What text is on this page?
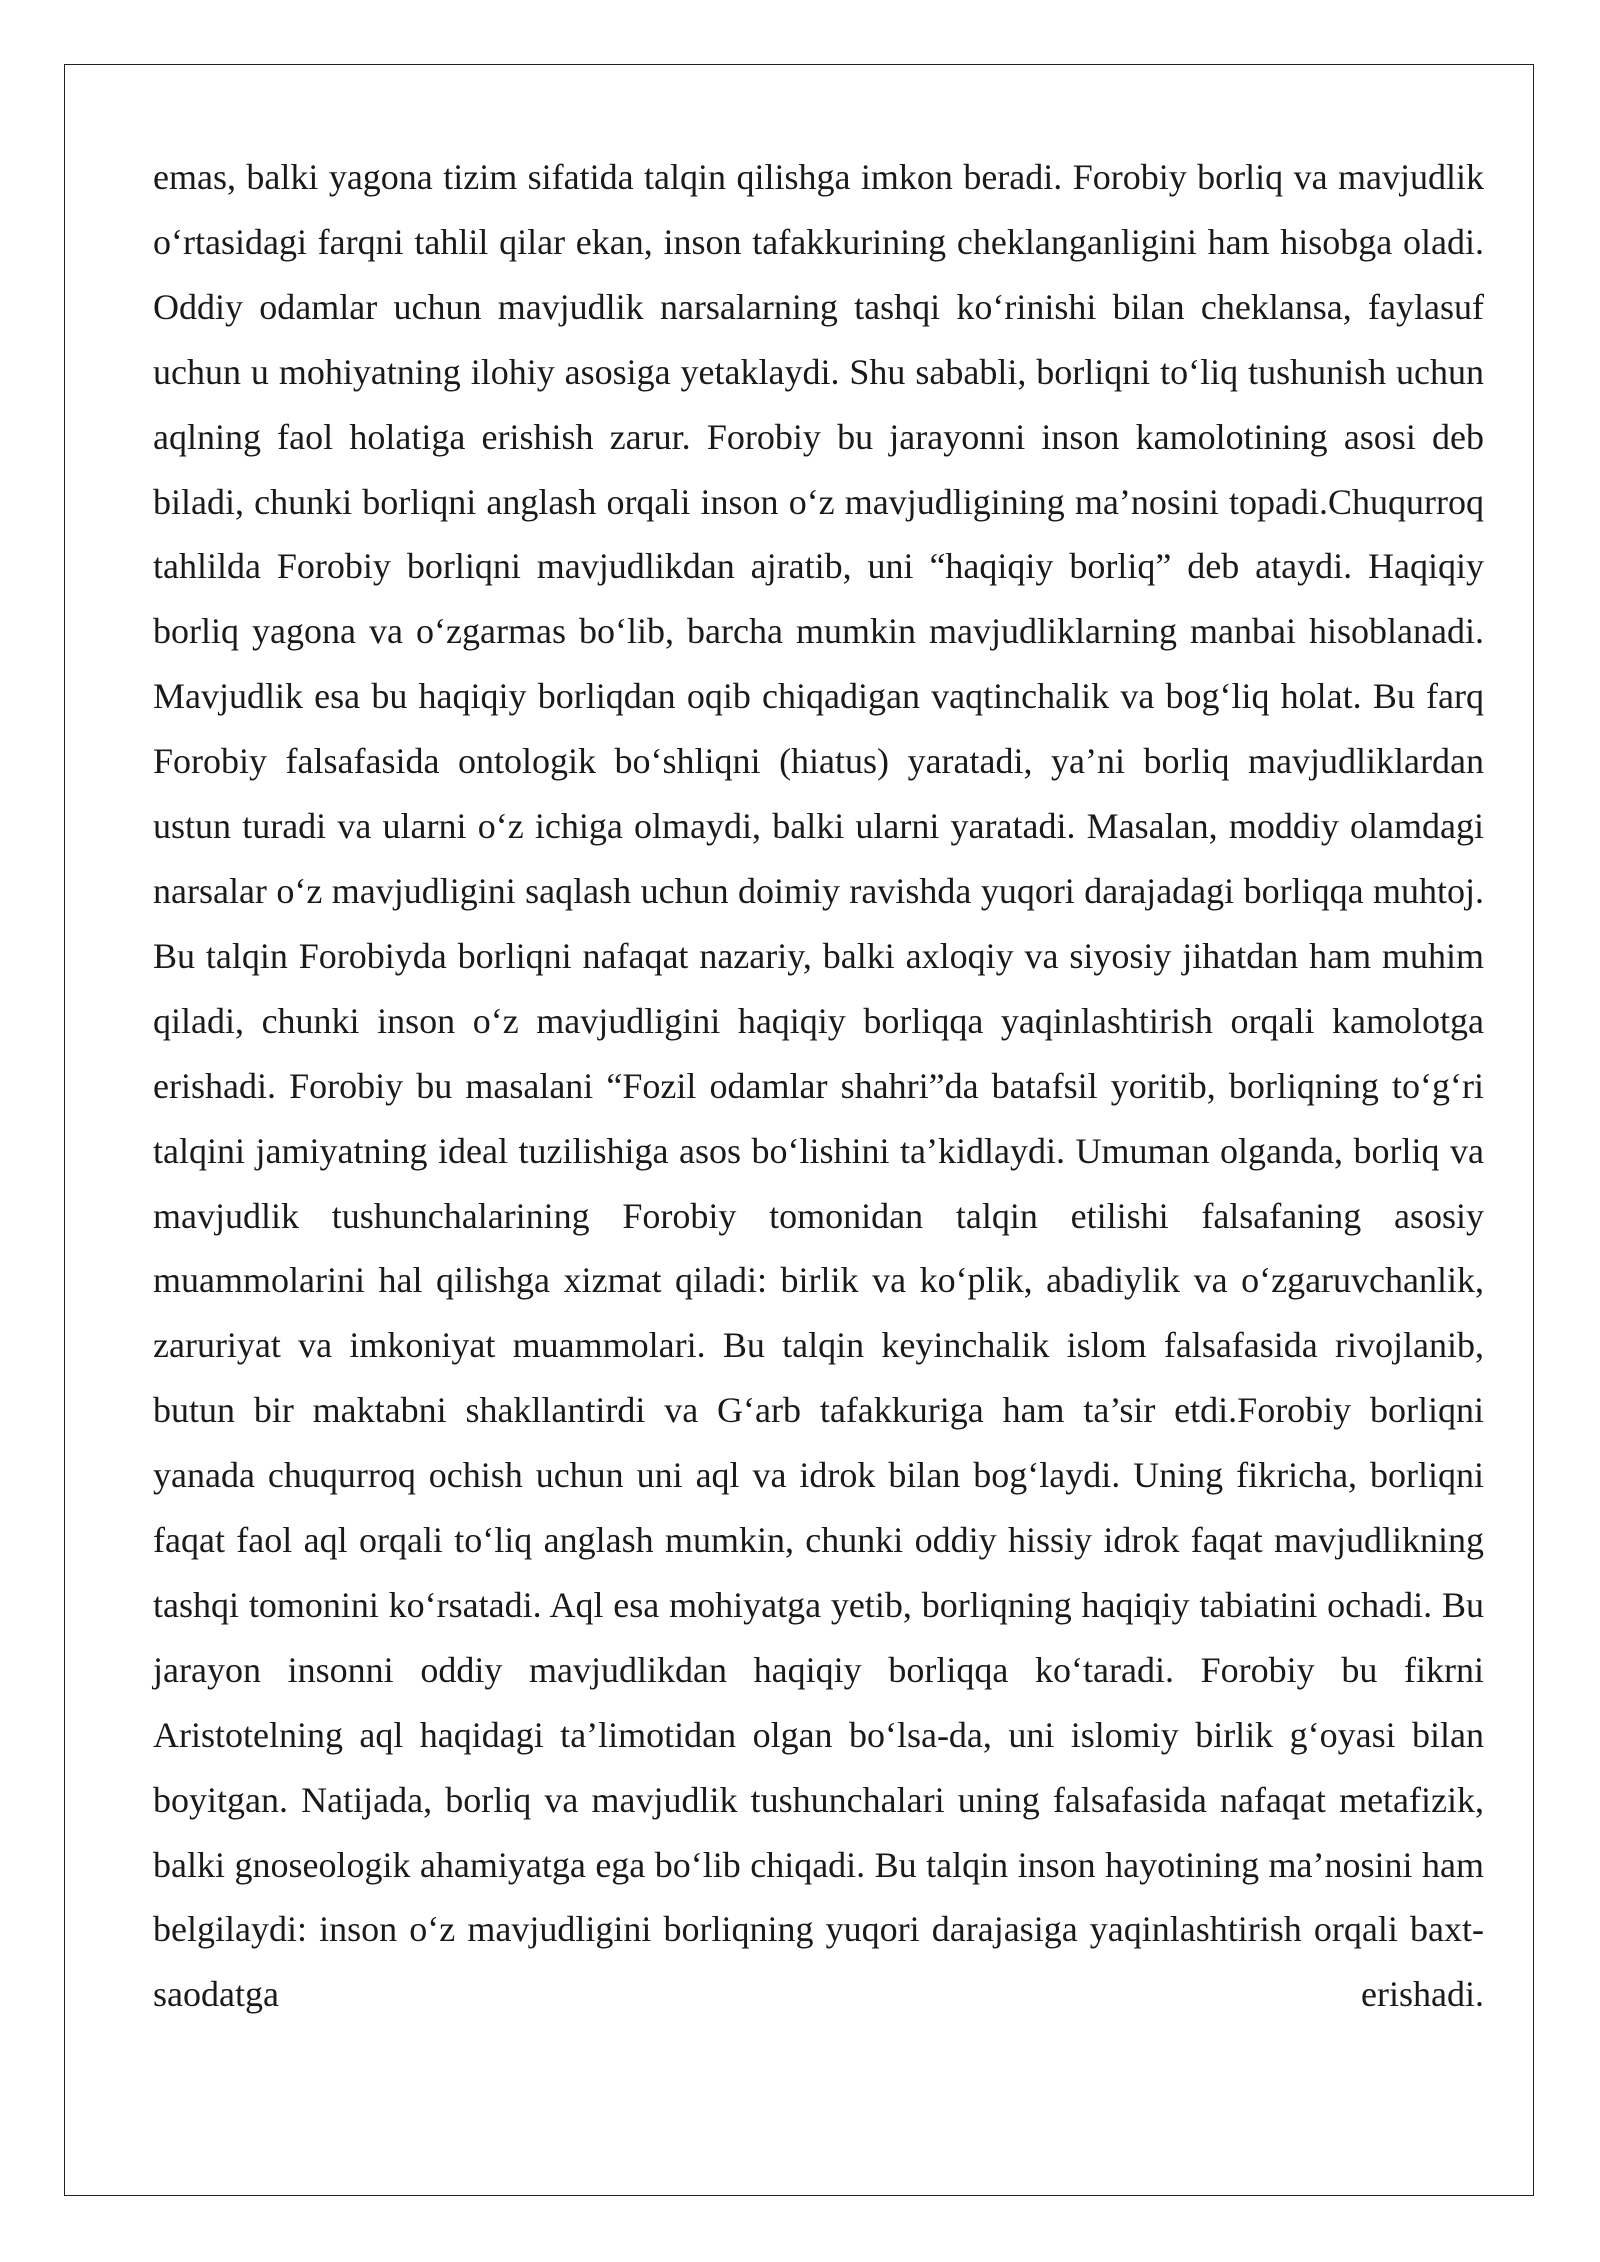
emas, balki yagona tizim sifatida talqin qilishga imkon beradi. Forobiy borliq va mavjudlik o‘rtasidagi farqni tahlil qilar ekan, inson tafakkurining cheklanganligini ham hisobga oladi. Oddiy odamlar uchun mavjudlik narsalarning tashqi ko‘rinishi bilan cheklansa, faylasuf uchun u mohiyatning ilohiy asosiga yetaklaydi. Shu sababli, borliqni to‘liq tushunish uchun aqlning faol holatiga erishish zarur. Forobiy bu jarayonni inson kamolotining asosi deb biladi, chunki borliqni anglash orqali inson o‘z mavjudligining ma’nosini topadi.Chuqurroq tahlilda Forobiy borliqni mavjudlikdan ajratib, uni “haqiqiy borliq” deb ataydi. Haqiqiy borliq yagona va o‘zgarmas bo‘lib, barcha mumkin mavjudliklarning manbai hisoblanadi. Mavjudlik esa bu haqiqiy borliqdan oqib chiqadigan vaqtinchalik va bog‘liq holat. Bu farq Forobiy falsafasida ontologik bo‘shliqni (hiatus) yaratadi, ya’ni borliq mavjudliklardan ustun turadi va ularni o‘z ichiga olmaydi, balki ularni yaratadi. Masalan, moddiy olamdagi narsalar o‘z mavjudligini saqlash uchun doimiy ravishda yuqori darajadagi borliqqa muhtoj. Bu talqin Forobiyda borliqni nafaqat nazariy, balki axloqiy va siyosiy jihatdan ham muhim qiladi, chunki inson o‘z mavjudligini haqiqiy borliqqa yaqinlashtirish orqali kamolotga erishadi. Forobiy bu masalani “Fozil odamlar shahri”da batafsil yoritib, borliqning to‘g‘ri talqini jamiyatning ideal tuzilishiga asos bo‘lishini ta’kidlaydi. Umuman olganda, borliq va mavjudlik tushunchalarining Forobiy tomonidan talqin etilishi falsafaning asosiy muammolarini hal qilishga xizmat qiladi: birlik va ko‘plik, abadiylik va o‘zgaruvchanlik, zaruriyat va imkoniyat muammolari. Bu talqin keyinchalik islom falsafasida rivojlanib, butun bir maktabni shakllantirdi va G‘arb tafakkuriga ham ta’sir etdi.Forobiy borliqni yanada chuqurroq ochish uchun uni aql va idrok bilan bog‘laydi. Uning fikricha, borliqni faqat faol aql orqali to‘liq anglash mumkin, chunki oddiy hissiy idrok faqat mavjudlikning tashqi tomonini ko‘rsatadi. Aql esa mohiyatga yetib, borliqning haqiqiy tabiatini ochadi. Bu jarayon insonni oddiy mavjudlikdan haqiqiy borliqqa ko‘taradi. Forobiy bu fikrni Aristotelning aql haqidagi ta’limotidan olgan bo‘lsa-da, uni islomiy birlik g‘oyasi bilan boyitgan. Natijada, borliq va mavjudlik tushunchalari uning falsafasida nafaqat metafizik, balki gnoseologik ahamiyatga ega bo‘lib chiqadi. Bu talqin inson hayotining ma’nosini ham belgilaydi: inson o‘z mavjudligini borliqning yuqori darajasiga yaqinlashtirish orqali baxt-saodatga erishadi.
